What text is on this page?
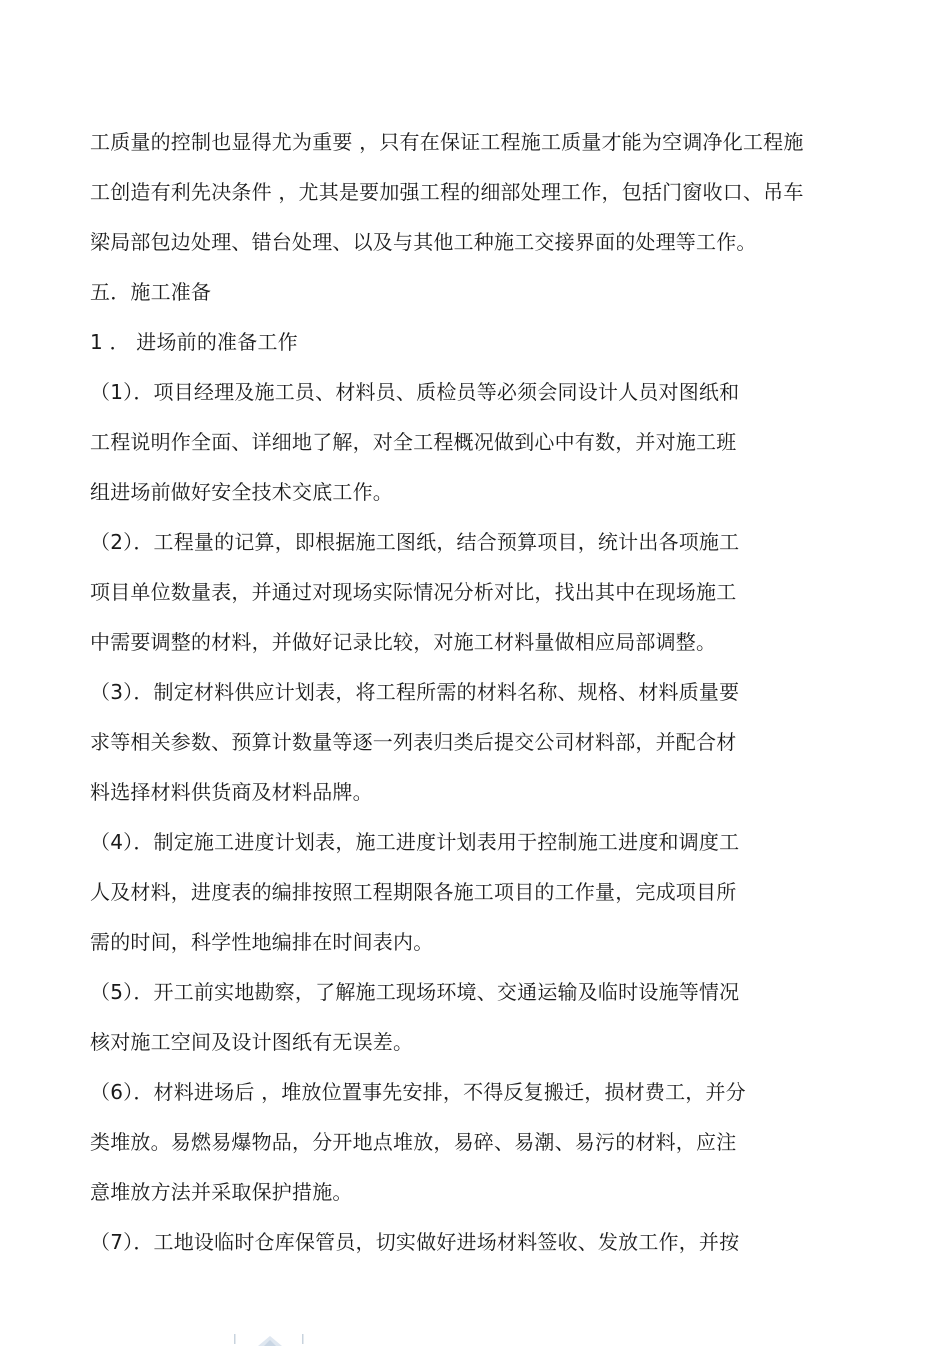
工质量的控制也显得尤为重要 ，只有在保证工程施工质量才能为空调净化工程施
工创造有利先决条件 ，尤其是要加强工程的细部处理工作，包括门窗收口、吊车
梁局部包边处理、错台处理、以及与其他工种施工交接界面的处理等工作。
五．施工准备
1 ． 进场前的准备工作
（1）．项目经理及施工员、材料员、质检员等必须会同设计人员对图纸和
工程说明作全面、详细地了解，对全工程概况做到心中有数，并对施工班
组进场前做好安全技术交底工作。
（2）．工程量的记算，即根据施工图纸，结合预算项目，统计出各项施工
项目单位数量表，并通过对现场实际情况分析对比，找出其中在现场施工
中需要调整的材料，并做好记录比较，对施工材料量做相应局部调整。
（3）．制定材料供应计划表，将工程所需的材料名称、规格、材料质量要
求等相关参数、预算计数量等逐一列表归类后提交公司材料部，并配合材
料选择材料供货商及材料品牌。
（4）．制定施工进度计划表，施工进度计划表用于控制施工进度和调度工
人及材料，进度表的编排按照工程期限各施工项目的工作量，完成项目所
需的时间，科学性地编排在时间表内。
（5）．开工前实地勘察，了解施工现场环境、交通运输及临时设施等情况
核对施工空间及设计图纸有无误差。
（6）．材料进场后 ，堆放位置事先安排，不得反复搬迁，损材费工，并分
类堆放。易燃易爆物品，分开地点堆放，易碎、易潮、易污的材料，应注
意堆放方法并采取保护措施。
（7）．工地设临时仓库保管员，切实做好进场材料签收、发放工作，并按
